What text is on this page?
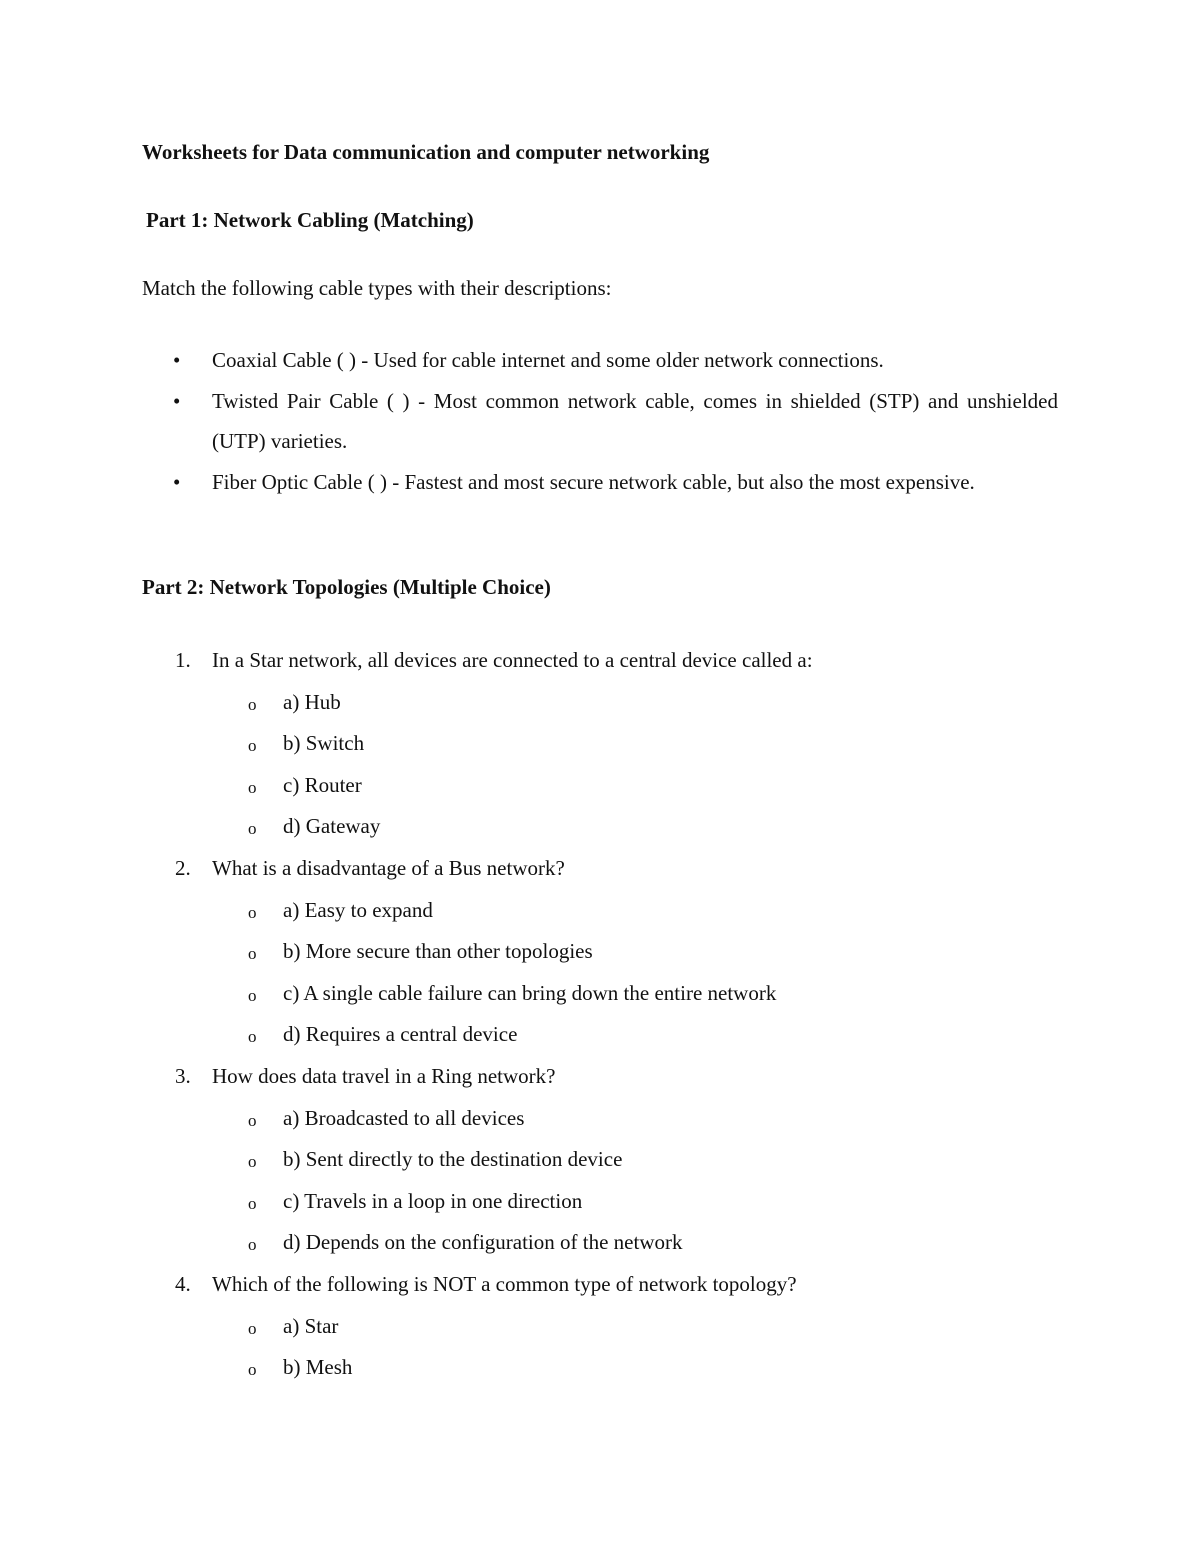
Worksheets for Data communication and computer networking
Part 1: Network Cabling (Matching)
Match the following cable types with their descriptions:
• Coaxial Cable ( ) - Used for cable internet and some older network connections.
• Twisted Pair Cable ( ) - Most common network cable, comes in shielded (STP) and unshielded (UTP) varieties.
• Fiber Optic Cable ( ) - Fastest and most secure network cable, but also the most expensive.
Part 2: Network Topologies (Multiple Choice)
1. In a Star network, all devices are connected to a central device called a:
o a) Hub
o b) Switch
o c) Router
o d) Gateway
2. What is a disadvantage of a Bus network?
o a) Easy to expand
o b) More secure than other topologies
o c) A single cable failure can bring down the entire network
o d) Requires a central device
3. How does data travel in a Ring network?
o a) Broadcasted to all devices
o b) Sent directly to the destination device
o c) Travels in a loop in one direction
o d) Depends on the configuration of the network
4. Which of the following is NOT a common type of network topology?
o a) Star
o b) Mesh
